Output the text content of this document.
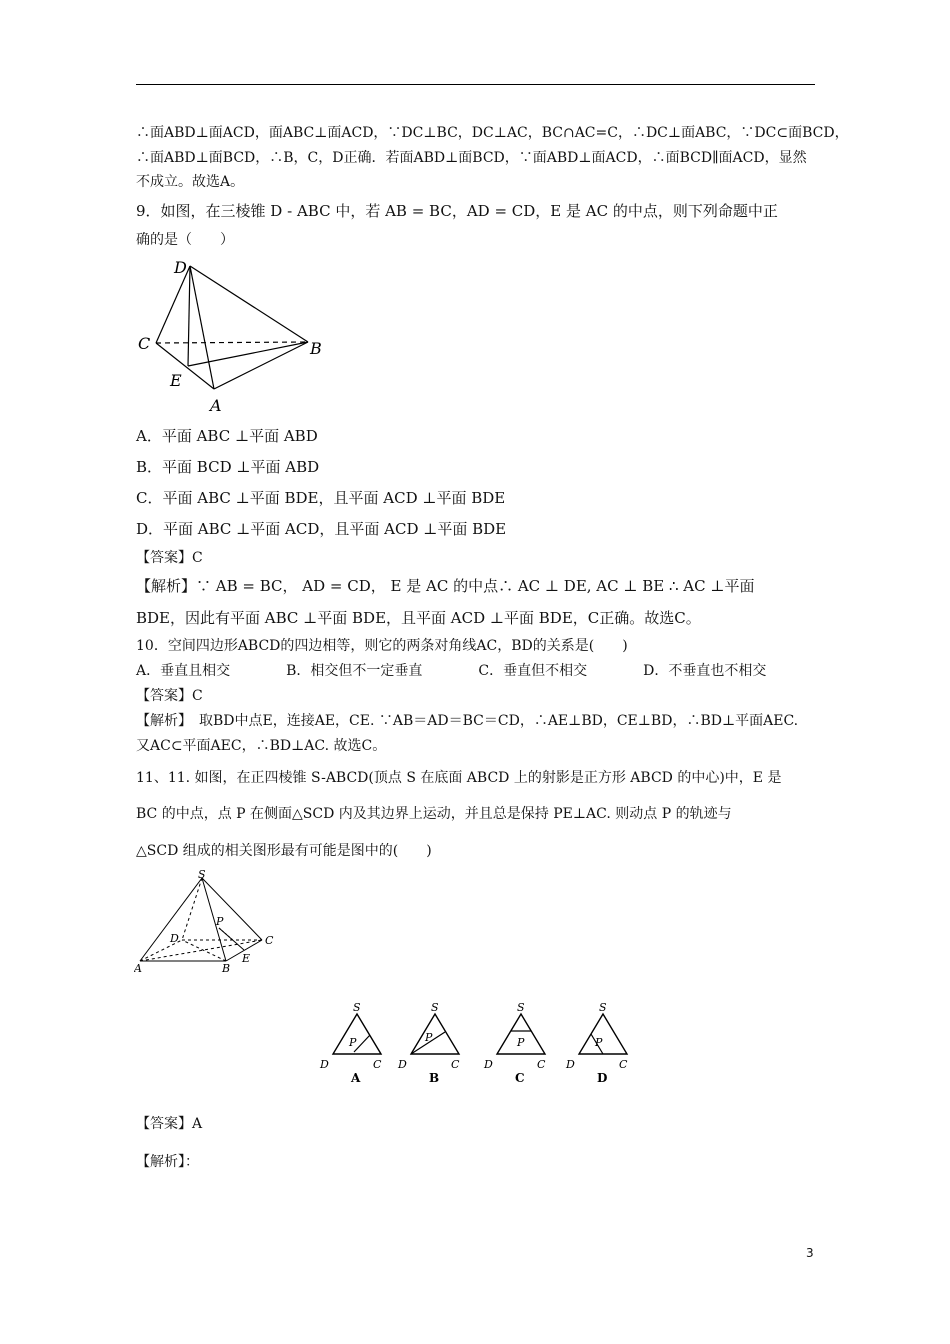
∴面ABD⊥面ACD，面ABC⊥面ACD，∵DC⊥BC，DC⊥AC，BC∩AC=C，∴DC⊥面ABC，∵DC⊂面BCD，
∴面ABD⊥面BCD，∴B，C，D正确．若面ABD⊥面BCD，∵面ABD⊥面ACD，∴面BCD∥面ACD，显然
不成立。故选A。
9．如图，在三棱锥 D - ABC 中，若 AB = BC，AD = CD，E 是 AC 的中点，则下列命题中正
确的是（　　）
D
C	B
E
A
A．平面 ABC ⊥平面 ABD
B．平面 BCD ⊥平面 ABD
C．平面 ABC ⊥平面 BDE，且平面 ACD ⊥平面 BDE
D．平面 ABC ⊥平面 ACD，且平面 ACD ⊥平面 BDE
【答案】C
【解析】∵ AB = BC， AD = CD， E 是 AC 的中点∴ AC ⊥ DE, AC ⊥ BE ∴ AC ⊥平面
BDE，因此有平面 ABC ⊥平面 BDE，且平面 ACD ⊥平面 BDE，C正确。故选C。
10．空间四边形ABCD的四边相等，则它的两条对角线AC，BD的关系是(　　)
A．垂直且相交　　　　B．相交但不一定垂直　　　　C．垂直但不相交　　　　D．不垂直也不相交
【答案】C
【解析】　取BD中点E，连接AE，CE. ∵AB＝AD＝BC＝CD，∴AE⊥BD，CE⊥BD，∴BD⊥平面AEC.
又AC⊂平面AEC，∴BD⊥AC. 故选C。
11、11. 如图，在正四棱锥 S-ABCD(顶点 S 在底面 ABCD 上的射影是正方形 ABCD 的中心)中，E 是
BC 的中点，点 P 在侧面△SCD 内及其边界上运动，并且总是保持 PE⊥AC. 则动点 P 的轨迹与
△SCD 组成的相关图形最有可能是图中的(　　)
S
P
D	C
A	B
E
S
P
D	C
A
S
P
D	C
B
S
P
D	C
C
S
P
D	C
D
【答案】A
【解析】：
3
